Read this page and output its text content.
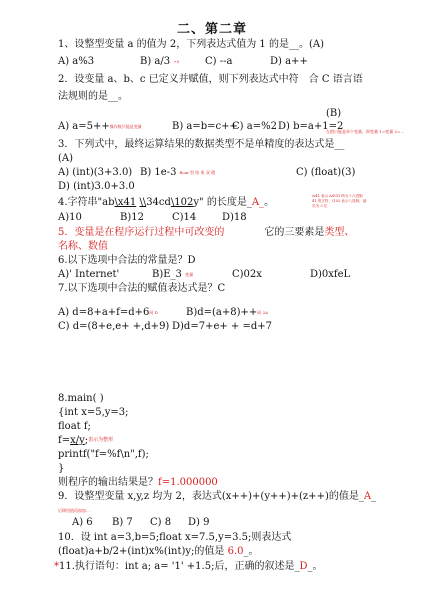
二、第二章
1、设整型变量 a 的值为 2，下列表达式值为 1 的是__。(A)
A) a%3	B) a/3 +0	C) --a	D) a++
2．设变量 a、b、c 已定义并赋值，则下列表达式中符　合 C 语言语
法规则的是__。
(B)
A) a=5++操作数只能是变量	B) a=b=c++
C) a=%2 D) b=a+1=2
左值只能是单个变量，即变量 1=变量 2=…
3．下列式中，最终运算结果的数据类型不是单精度的表达式是__
(A)
A) (int)(3+3.0) B) 1e-3 float 型 结 果 双 精	C) (float)(3)
D) (int)3.0+3.0
4.字符串"ab\x41 \\34cd\102y" 的长度是_A_。
\x41 表示 ASCII 码为十六进制 41 的字符，\102 表示八进制，最长为 3 位
A)10	B)12	C)14	D)18
5．变量是在程序运行过程中可改变的　　　　它的三要素是类型、
名称、数值
6.以下选项中合法的常量是？D
A)' Internet'	B)E_3 变量	C)02x	D)0xfeL
7.以下选项中合法的赋值表达式是？C
A) d=8+a+f=d+6同 D	B)d=(a+8)++同 2A
C) d=(8+e,e+ +,d+9) D)d=7+e+ + =d+7
8.main( )
{int x=5,y=3;
float f;
f=x/y;表示为整形
printf("f=%f\n",f);
}
则程序的输出结果是？f=1.000000
9．设整型变量 x,y,z 均为 2，表达式(x++)+(y++)+(z++)的值是_A_
后缀用值再加加...
A) 6 B) 7 C) 8 D) 9
10．设 int a=3,b=5;float x=7.5,y=3.5;则表达式
(float)a+b/2+(int)x%(int)y;的值是 6.0_。
*11.执行语句：int a; a= '1' +1.5;后，正确的叙述是_D_。
